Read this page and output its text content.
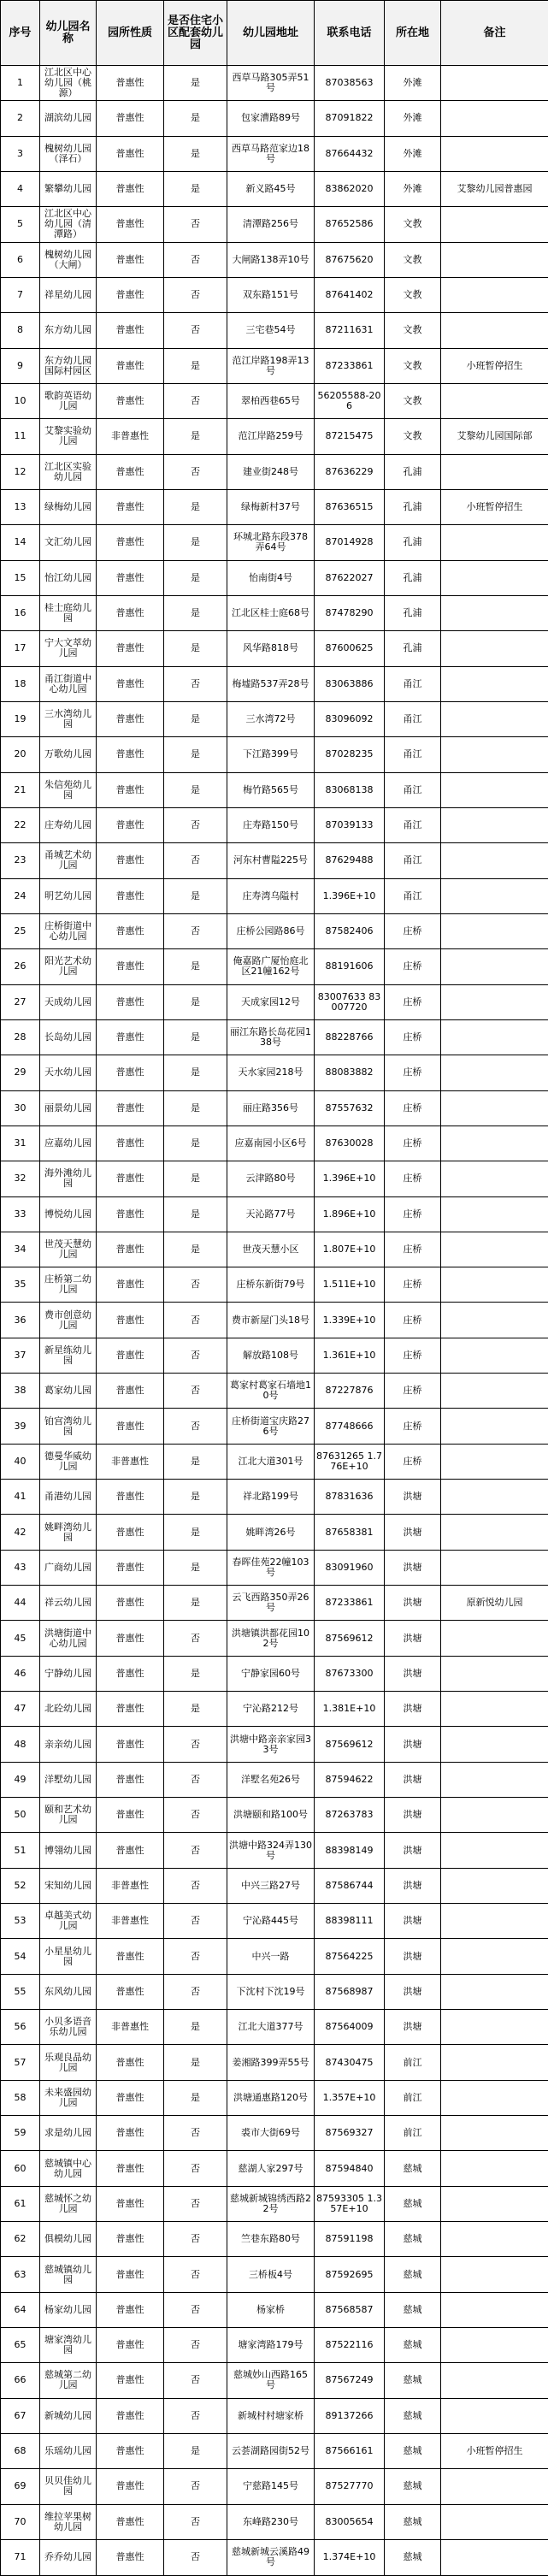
序号	幼儿园名称	园所性质	是否住宅小区配套幼儿园	幼儿园地址	联系电话	所在地	备注
1	江北区中心幼儿园（桃源）	普惠性	是	西草马路305弄51号	87038563	外滩	
2	湖滨幼儿园	普惠性	是	包家漕路89号	87091822	外滩	
3	槐树幼儿园（泽石）	普惠性	是	西草马路范家边18号	87664432	外滩	
4	繁攀幼儿园	普惠性	是	新义路45号	83862020	外滩	艾黎幼儿园普惠园
5	江北区中心幼儿园（清潭路）	普惠性	否	清潭路256号	87652586	文教	
6	槐树幼儿园（大闸）	普惠性	否	大闸路138弄10号	87675620	文教	
7	祥星幼儿园	普惠性	否	双东路151号	87641402	文教	
8	东方幼儿园	普惠性	否	三宅巷54号	87211631	文教	
9	东方幼儿园国际村园区	普惠性	是	范江岸路198弄13号	87233861	文教	小班暂停招生
10	歌韵英语幼儿园	普惠性	否	翠柏西巷65号	56205588-206	文教	
11	艾黎实验幼儿园	非普惠性	是	范江岸路259号	87215475	文教	艾黎幼儿园国际部
12	江北区实验幼儿园	普惠性	否	建业街248号	87636229	孔浦	
13	绿梅幼儿园	普惠性	是	绿梅新村37号	87636515	孔浦	小班暂停招生
14	文汇幼儿园	普惠性	是	环城北路东段378弄64号	87014928	孔浦	
15	怡江幼儿园	普惠性	是	怡南街4号	87622027	孔浦	
16	桂士庭幼儿园	普惠性	是	江北区桂士庭68号	87478290	孔浦	
17	宁大文萃幼儿园	普惠性	是	风华路818号	87600625	孔浦	
18	甬江街道中心幼儿园	普惠性	否	梅墟路537弄28号	83063886	甬江	
19	三水湾幼儿园	普惠性	是	三水湾72号	83096092	甬江	
20	万歌幼儿园	普惠性	是	下江路399号	87028235	甬江	
21	朱信苑幼儿园	普惠性	是	梅竹路565号	83068138	甬江	
22	庄寿幼儿园	普惠性	否	庄寿路150号	87039133	甬江	
23	甬城艺术幼儿园	普惠性	否	河东村曹隘225号	87629488	甬江	
24	明艺幼儿园	普惠性	是	庄寿湾乌隘村	1.396E+10	甬江	
25	庄桥街道中心幼儿园	普惠性	否	庄桥公园路86号	87582406	庄桥	
26	阳光艺术幼儿园	普惠性	是	俺嘉路广厦怡庭北区21幢162号	88191606	庄桥	
27	天成幼儿园	普惠性	是	天成家园12号	83007633 83007720	庄桥	
28	长岛幼儿园	普惠性	是	丽江东路长岛花园138号	88228766	庄桥	
29	天水幼儿园	普惠性	是	天水家园218号	88083882	庄桥	
30	丽景幼儿园	普惠性	是	丽庄路356号	87557632	庄桥	
31	应嘉幼儿园	普惠性	是	应嘉南园小区6号	87630028	庄桥	
32	海外滩幼儿园	普惠性	是	云津路80号	1.396E+10	庄桥	
33	博悦幼儿园	普惠性	是	天沁路77号	1.896E+10	庄桥	
34	世茂天慧幼儿园	普惠性	是	世茂天慧小区	1.807E+10	庄桥	
35	庄桥第二幼儿园	普惠性	否	庄桥东新街79号	1.511E+10	庄桥	
36	费市创意幼儿园	普惠性	否	费市新屋门头18号	1.339E+10	庄桥	
37	新星练幼儿园	普惠性	否	解放路108号	1.361E+10	庄桥	
38	葛家幼儿园	普惠性	否	葛家村葛家石墙地10号	87227876	庄桥	
39	铂宫湾幼儿园	普惠性	否	庄桥街道宝庆路276号	87748666	庄桥	
40	德曼华威幼儿园	非普惠性	是	江北大道301号	87631265 1.776E+10	庄桥	
41	甬港幼儿园	普惠性	是	祥北路199号	87831636	洪塘	
42	姚畔湾幼儿园	普惠性	是	姚畔湾26号	87658381	洪塘	
43	广商幼儿园	普惠性	是	春晖佳苑22幢103号	83091960	洪塘	
44	祥云幼儿园	普惠性	是	云飞西路350弄26号	87233861	洪塘	原新悦幼儿园
45	洪塘街道中心幼儿园	普惠性	否	洪塘镇洪都花园102号	87569612	洪塘	
46	宁静幼儿园	普惠性	是	宁静家园60号	87673300	洪塘	
47	北砼幼儿园	普惠性	是	宁沁路212号	1.381E+10	洪塘	
48	亲亲幼儿园	普惠性	否	洪塘中路亲亲家园33号	87569612	洪塘	
49	洋墅幼儿园	普惠性	否	洋墅名苑26号	87594622	洪塘	
50	颐和艺术幼儿园	普惠性	否	洪塘颐和路100号	87263783	洪塘	
51	博翎幼儿园	普惠性	否	洪塘中路324弄130号	88398149	洪塘	
52	宋知幼儿园	非普惠性	否	中兴三路27号	87586744	洪塘	
53	卓越美式幼儿园	非普惠性	否	宁沁路445号	88398111	洪塘	
54	小星星幼儿园	普惠性	否	中兴一路	87564225	洪塘	
55	东风幼儿园	普惠性	否	下沈村下沈19号	87568987	洪塘	
56	小贝多语音乐幼儿园	非普惠性	是	江北大道377号	87564009	洪塘	
57	乐观良品幼儿园	普惠性	是	姜湘路399弄55号	87430475	前江	
58	未来盛园幼儿园	普惠性	是	洪塘通惠路120号	1.357E+10	前江	
59	求是幼儿园	普惠性	否	裘市大街69号	87569327	前江	
60	慈城镇中心幼儿园	普惠性	否	慈湖人家297号	87594840	慈城	
61	慈城怀之幼儿园	普惠性	否	慈城新城锦绣西路22号	87593305 1.357E+10	慈城	
62	俱模幼儿园	普惠性	否	竺巷东路80号	87591198	慈城	
63	慈城镇幼儿园	普惠性	否	三桥板4号	87592695	慈城	
64	杨家幼儿园	普惠性	否	杨家桥	87568587	慈城	
65	塘家湾幼儿园	普惠性	否	塘家湾路179号	87522116	慈城	
66	慈城第二幼儿园	普惠性	否	慈城妙山西路165号	87567249	慈城	
67	新城幼儿园	普惠性	否	新城村村塘家桥	89137266	慈城	
68	乐瑶幼儿园	普惠性	是	云荟湖路园街52号	87566161	慈城	小班暂停招生
69	贝贝佳幼儿园	普惠性	否	宁慈路145号	87527770	慈城	
70	维拉苹果树幼儿园	普惠性	否	东峰路230号	83005654	慈城	
71	乔乔幼儿园	普惠性	否	慈城新城云溪路49号	1.374E+10	慈城	
